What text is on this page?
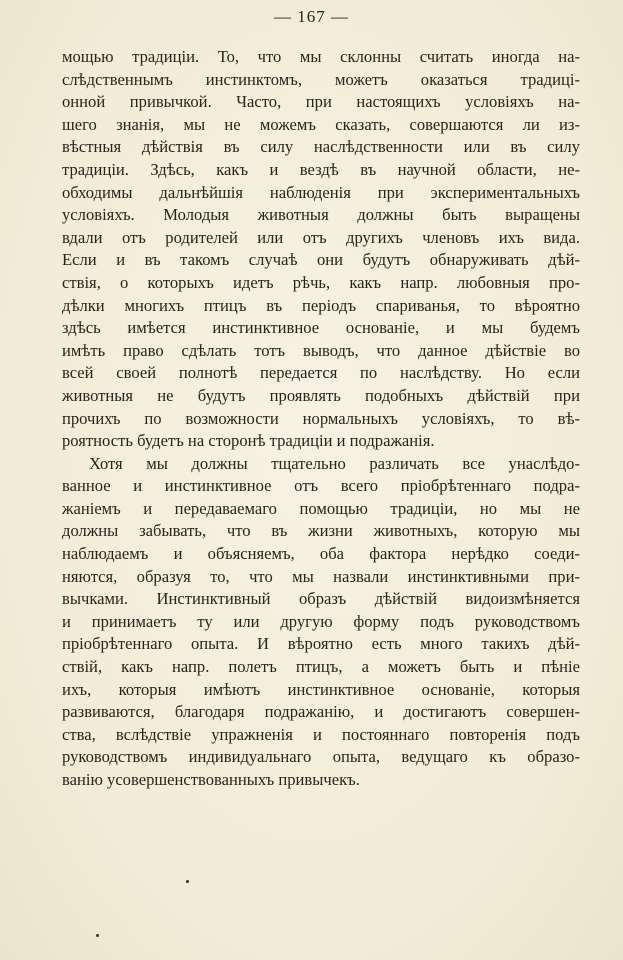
— 167 —
мощью традиціи. То, что мы склонны считать иногда на-
слѣдственнымъ инстинктомъ, можетъ оказаться традиці-
онной привычкой. Часто, при настоящихъ условіяхъ на-
шего знанія, мы не можемъ сказать, совершаются ли из-
вѣстныя дѣйствія въ силу наслѣдственности или въ силу
традиціи. Здѣсь, какъ и вездѣ въ научной области, не-
обходимы дальнѣйшія наблюденія при экспериментальныхъ
условіяхъ. Молодыя животныя должны быть выращены
вдали отъ родителей или отъ другихъ членовъ ихъ вида.
Если и въ такомъ случаѣ они будутъ обнаруживать дѣй-
ствія, о которыхъ идетъ рѣчь, какъ напр. любовныя про-
дѣлки многихъ птицъ въ періодъ спариванья, то вѣроятно
здѣсь имѣется инстинктивное основаніе, и мы будемъ
имѣть право сдѣлать тотъ выводъ, что данное дѣйствіе во
всей своей полнотѣ передается по наслѣдству. Но если
животныя не будутъ проявлять подобныхъ дѣйствій при
прочихъ по возможности нормальныхъ условіяхъ, то вѣ-
роятность будетъ на сторонѣ традиціи и подражанія.
Хотя мы должны тщательно различать все унаслѣдо-
ванное и инстинктивное отъ всего пріобрѣтеннаго подра-
жаніемъ и передаваемаго помощью традиціи, но мы не
должны забывать, что въ жизни животныхъ, которую мы
наблюдаемъ и объясняемъ, оба фактора нерѣдко соеди-
няются, образуя то, что мы назвали инстинктивными при-
вычками. Инстинктивный образъ дѣйствій видоизмѣняется
и принимаетъ ту или другую форму подъ руководствомъ
пріобрѣтеннаго опыта. И вѣроятно есть много такихъ дѣй-
ствій, какъ напр. полетъ птицъ, а можетъ быть и пѣніе
ихъ, которыя имѣютъ инстинктивное основаніе, которыя
развиваются, благодаря подражанію, и достигаютъ совершен-
ства, вслѣдствіе упражненія и постояннаго повторенія подъ
руководствомъ индивидуальнаго опыта, ведущаго къ образо-
ванію усовершенствованныхъ привычекъ.
